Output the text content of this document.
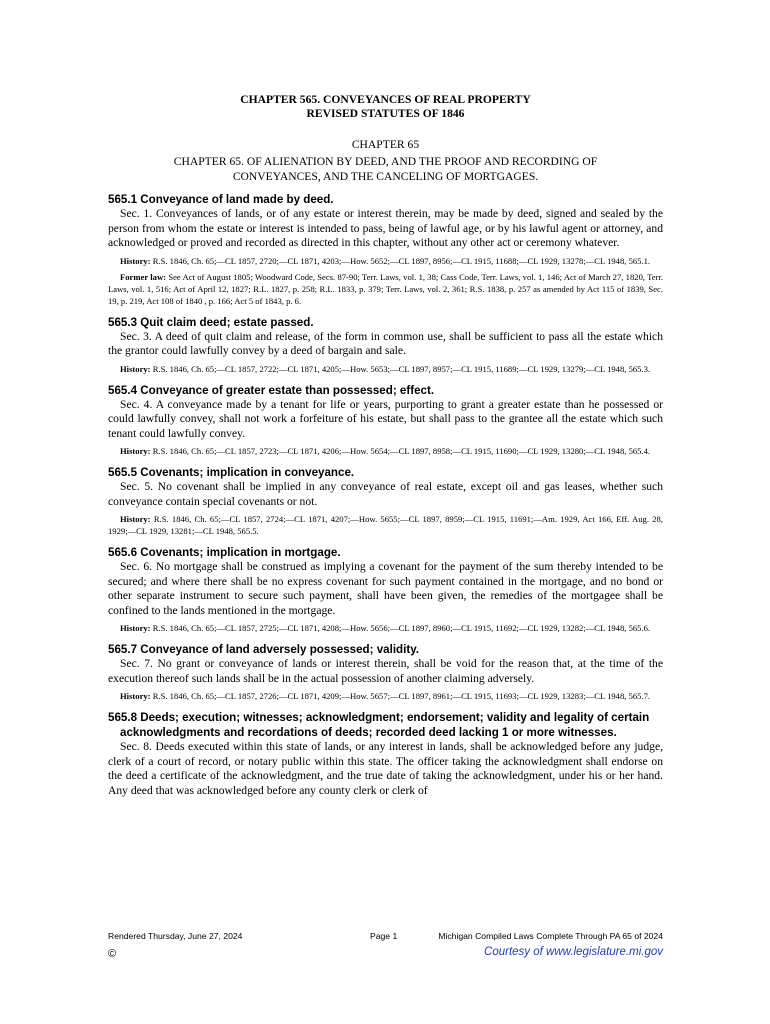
CHAPTER 565. CONVEYANCES OF REAL PROPERTY
REVISED STATUTES OF 1846
CHAPTER 65
CHAPTER 65. OF ALIENATION BY DEED, AND THE PROOF AND RECORDING OF
CONVEYANCES, AND THE CANCELING OF MORTGAGES.
565.1 Conveyance of land made by deed.
Sec. 1. Conveyances of lands, or of any estate or interest therein, may be made by deed, signed and sealed by the person from whom the estate or interest is intended to pass, being of lawful age, or by his lawful agent or attorney, and acknowledged or proved and recorded as directed in this chapter, without any other act or ceremony whatever.
History: R.S. 1846, Ch. 65;—CL 1857, 2720;—CL 1871, 4203;—How. 5652;—CL 1897, 8956;—CL 1915, 11688;—CL 1929, 13278;—CL 1948, 565.1.
Former law: See Act of August 1805; Woodward Code, Secs. 87-90; Terr. Laws, vol. 1, 38; Cass Code, Terr. Laws, vol. 1, 146; Act of March 27, 1820, Terr. Laws, vol. 1, 516; Act of April 12, 1827; R.L. 1827, p. 258; R.L. 1833, p. 379; Terr. Laws, vol. 2, 361; R.S. 1838, p. 257 as amended by Act 115 of 1839, Sec. 19, p. 219, Act 108 of 1840 , p. 166; Act 5 of 1843, p. 6.
565.3 Quit claim deed; estate passed.
Sec. 3. A deed of quit claim and release, of the form in common use, shall be sufficient to pass all the estate which the grantor could lawfully convey by a deed of bargain and sale.
History: R.S. 1846, Ch. 65;—CL 1857, 2722;—CL 1871, 4205;—How. 5653;—CL 1897, 8957;—CL 1915, 11689;—CL 1929, 13279;—CL 1948, 565.3.
565.4 Conveyance of greater estate than possessed; effect.
Sec. 4. A conveyance made by a tenant for life or years, purporting to grant a greater estate than he possessed or could lawfully convey, shall not work a forfeiture of his estate, but shall pass to the grantee all the estate which such tenant could lawfully convey.
History: R.S. 1846, Ch. 65;—CL 1857, 2723;—CL 1871, 4206;—How. 5654;—CL 1897, 8958;—CL 1915, 11690;—CL 1929, 13280;—CL 1948, 565.4.
565.5 Covenants; implication in conveyance.
Sec. 5. No covenant shall be implied in any conveyance of real estate, except oil and gas leases, whether such conveyance contain special covenants or not.
History: R.S. 1846, Ch. 65;—CL 1857, 2724;—CL 1871, 4207;—How. 5655;—CL 1897, 8959;—CL 1915, 11691;—Am. 1929, Act 166, Eff. Aug. 28, 1929;—CL 1929, 13281;—CL 1948, 565.5.
565.6 Covenants; implication in mortgage.
Sec. 6. No mortgage shall be construed as implying a covenant for the payment of the sum thereby intended to be secured; and where there shall be no express covenant for such payment contained in the mortgage, and no bond or other separate instrument to secure such payment, shall have been given, the remedies of the mortgagee shall be confined to the lands mentioned in the mortgage.
History: R.S. 1846, Ch. 65;—CL 1857, 2725;—CL 1871, 4208;—How. 5656;—CL 1897, 8960;—CL 1915, 11692;—CL 1929, 13282;—CL 1948, 565.6.
565.7 Conveyance of land adversely possessed; validity.
Sec. 7. No grant or conveyance of lands or interest therein, shall be void for the reason that, at the time of the execution thereof such lands shall be in the actual possession of another claiming adversely.
History: R.S. 1846, Ch. 65;—CL 1857, 2726;—CL 1871, 4209;—How. 5657;—CL 1897, 8961;—CL 1915, 11693;—CL 1929, 13283;—CL 1948, 565.7.
565.8 Deeds; execution; witnesses; acknowledgment; endorsement; validity and legality of certain acknowledgments and recordations of deeds; recorded deed lacking 1 or more witnesses.
Sec. 8. Deeds executed within this state of lands, or any interest in lands, shall be acknowledged before any judge, clerk of a court of record, or notary public within this state. The officer taking the acknowledgment shall endorse on the deed a certificate of the acknowledgment, and the true date of taking the acknowledgment, under his or her hand. Any deed that was acknowledged before any county clerk or clerk of
Rendered Thursday, June 27, 2024	Page 1	Michigan Compiled Laws Complete Through PA 65 of 2024
©	Courtesy of www.legislature.mi.gov
